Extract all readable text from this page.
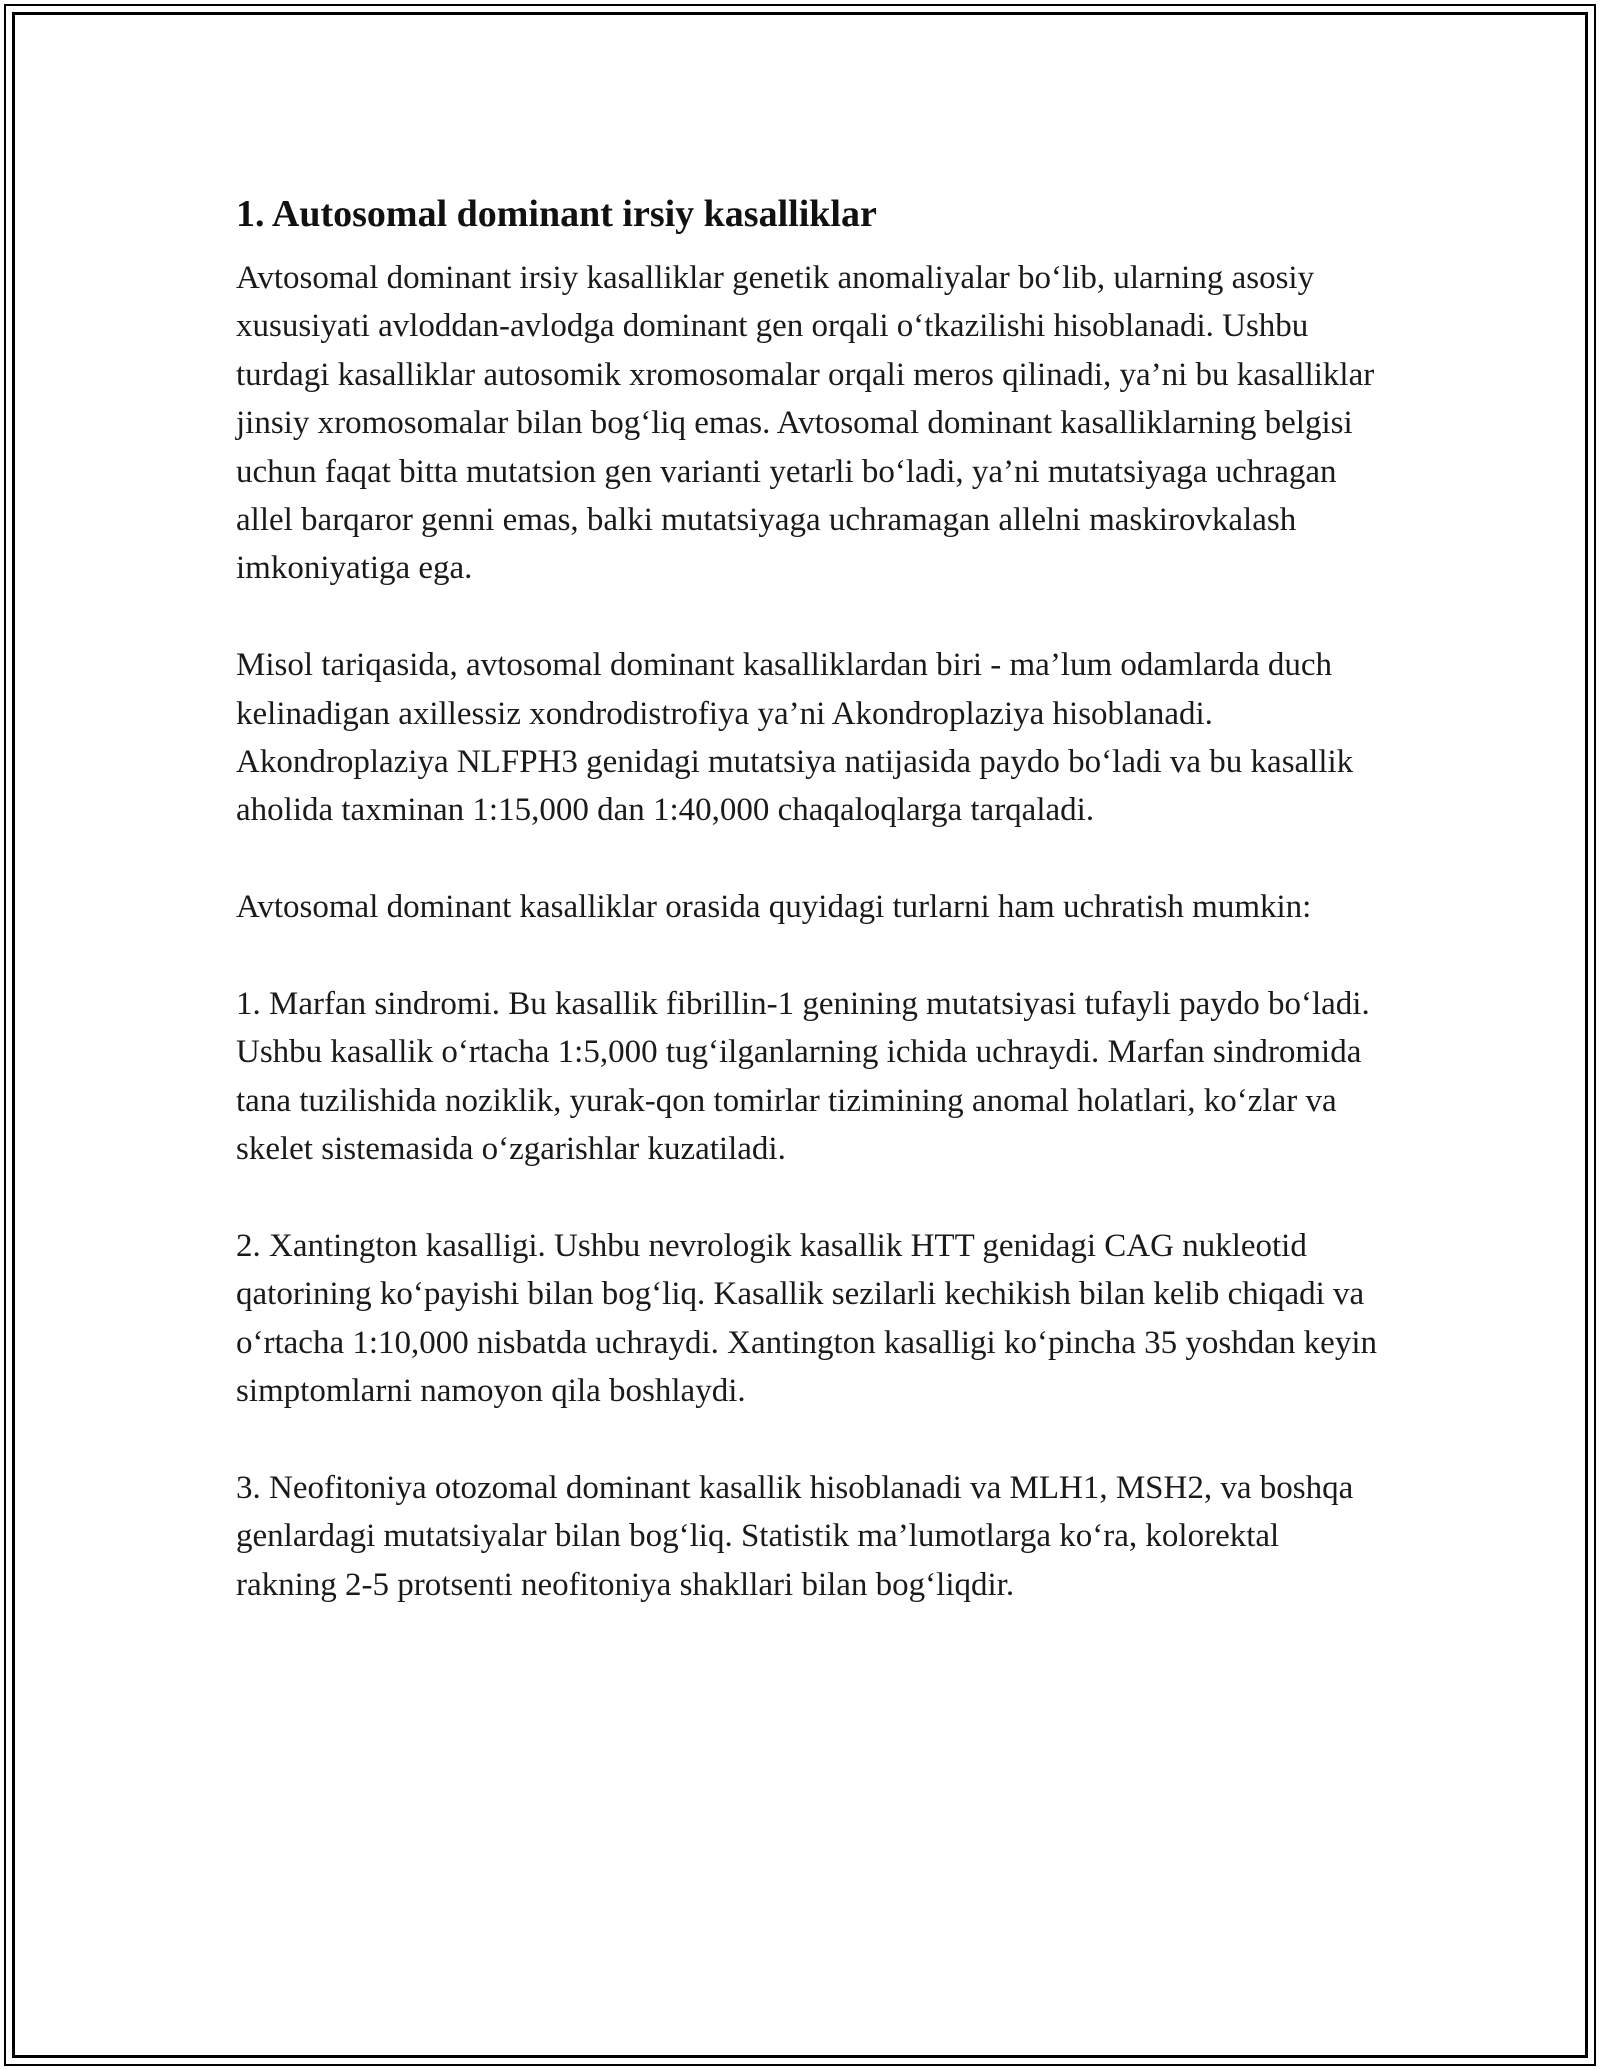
1. Autosomal dominant irsiy kasalliklar

Avtosomal dominant irsiy kasalliklar genetik anomaliyalar bo‘lib, ularning asosiy xususiyati avloddan-avlodga dominant gen orqali o‘tkazilishi hisoblanadi. Ushbu turdagi kasalliklar autosomik xromosomalar orqali meros qilinadi, ya’ni bu kasalliklar jinsiy xromosomalar bilan bog‘liq emas. Avtosomal dominant kasalliklarning belgisi uchun faqat bitta mutatsion gen varianti yetarli bo‘ladi, ya’ni mutatsiyaga uchragan allel barqaror genni emas, balki mutatsiyaga uchramagan allelni maskirovkalash imkoniyatiga ega.

Misol tariqasida, avtosomal dominant kasalliklardan biri - ma’lum odamlarda duch kelinadigan axillessiz xondrodistrofiya ya’ni Akondroplaziya hisoblanadi. Akondroplaziya NLFPH3 genidagi mutatsiya natijasida paydo bo‘ladi va bu kasallik aholida taxminan 1:15,000 dan 1:40,000 chaqaloqlarga tarqaladi.

Avtosomal dominant kasalliklar orasida quyidagi turlarni ham uchratish mumkin:

1. Marfan sindromi. Bu kasallik fibrillin-1 genining mutatsiyasi tufayli paydo bo‘ladi. Ushbu kasallik o‘rtacha 1:5,000 tug‘ilganlarning ichida uchraydi. Marfan sindromida tana tuzilishida noziklik, yurak-qon tomirlar tizimining anomal holatlari, ko‘zlar va skelet sistemasida o‘zgarishlar kuzatiladi.

2. Xantington kasalligi. Ushbu nevrologik kasallik HTT genidagi CAG nukleotid qatorining ko‘payishi bilan bog‘liq. Kasallik sezilarli kechikish bilan kelib chiqadi va o‘rtacha 1:10,000 nisbatda uchraydi. Xantington kasalligi ko‘pincha 35 yoshdan keyin simptomlarni namoyon qila boshlaydi.

3. Neofitoniya otozomal dominant kasallik hisoblanadi va MLH1, MSH2, va boshqa genlardagi mutatsiyalar bilan bog‘liq. Statistik ma’lumotlarga ko‘ra, kolorektal rakning 2-5 protsenti neofitoniya shakllari bilan bog‘liqdir.
